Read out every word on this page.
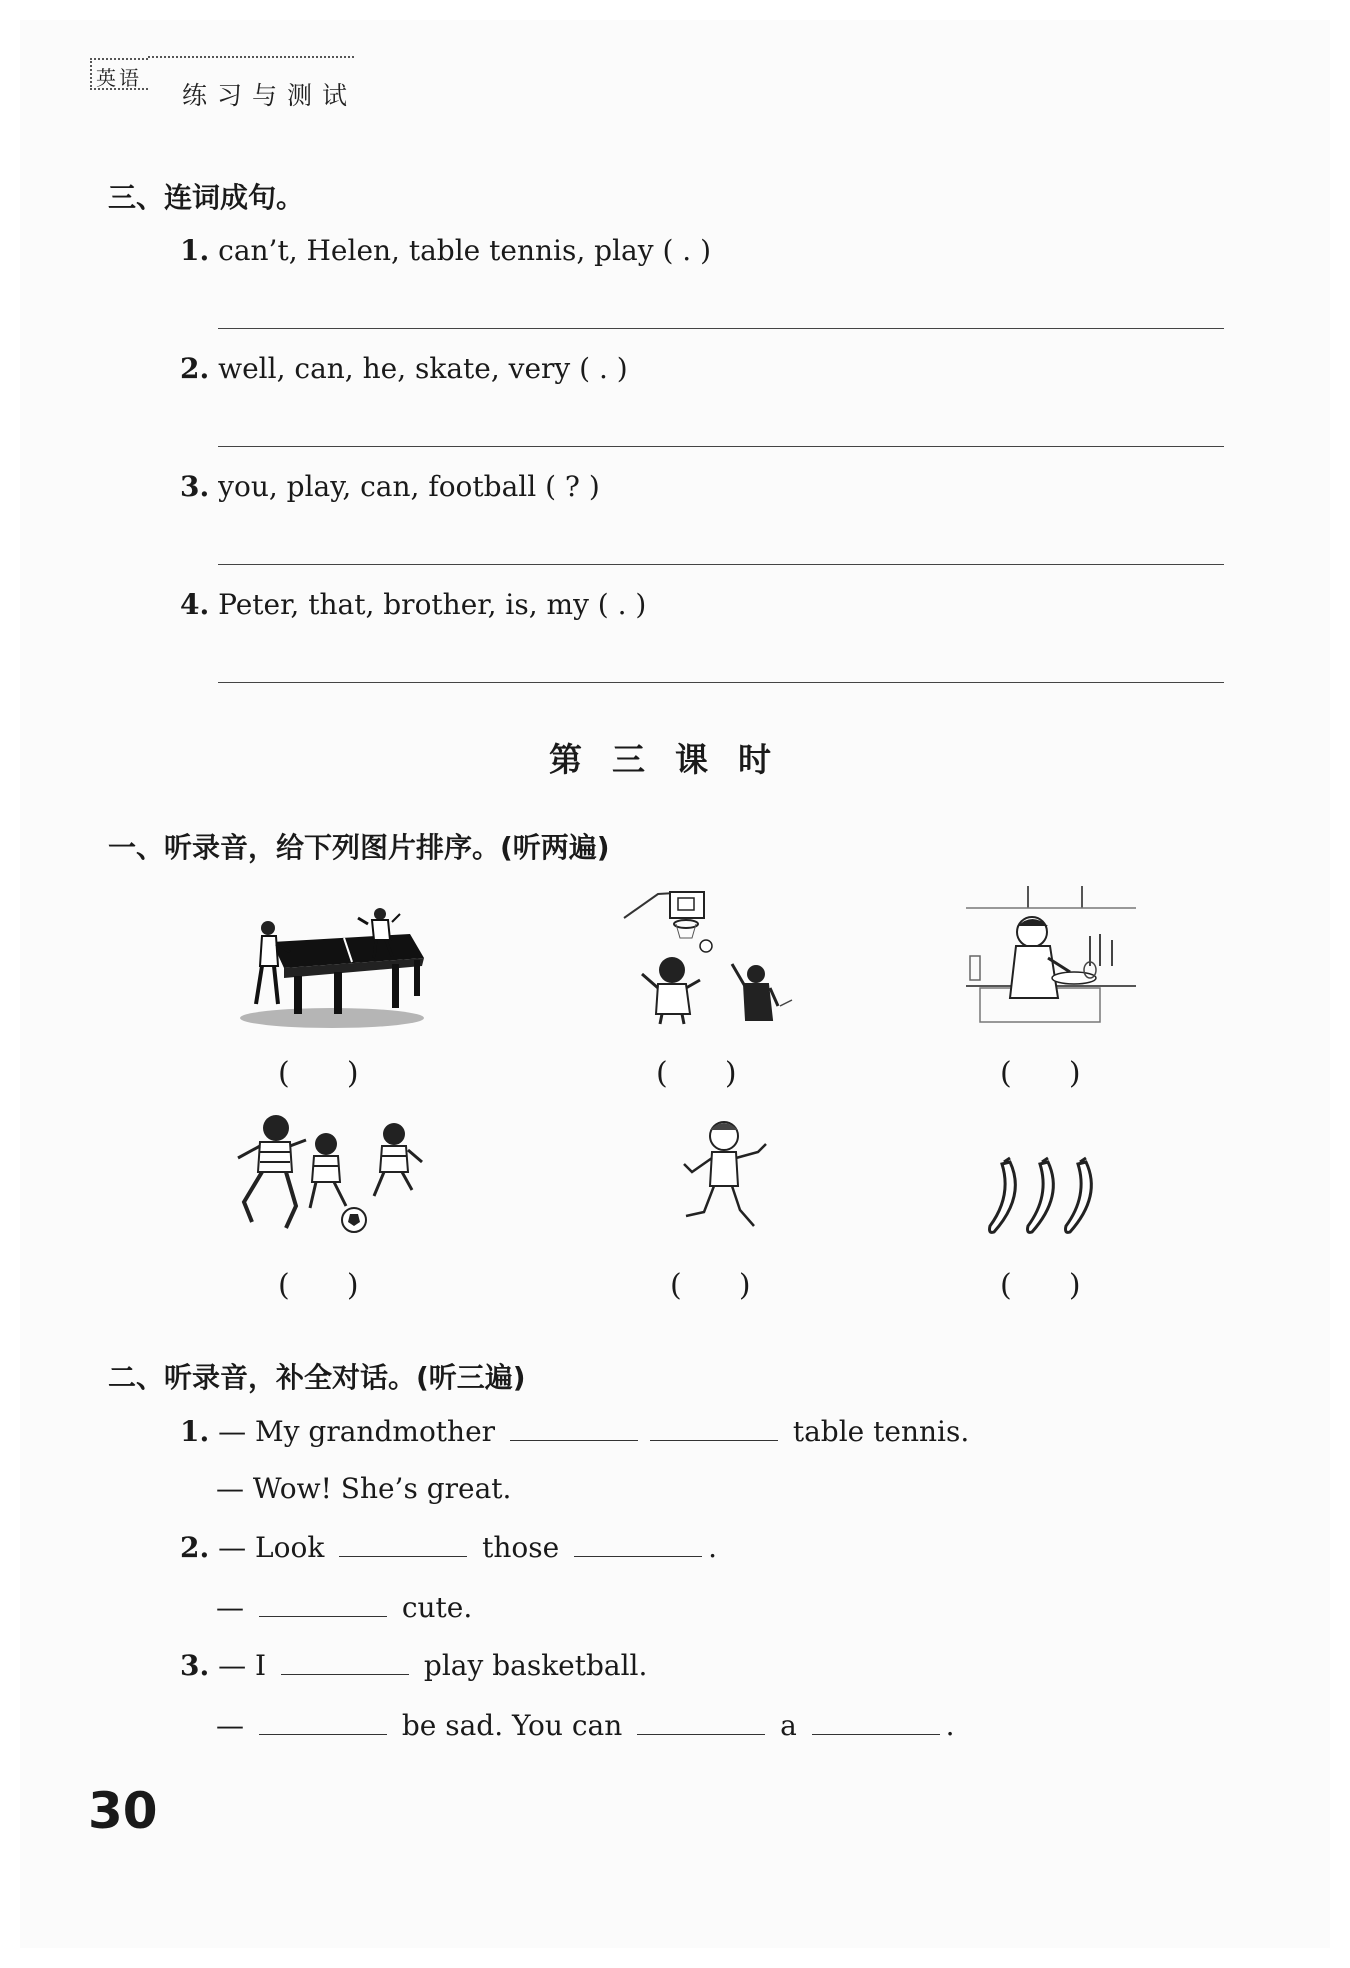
英语
练习与测试
三、连词成句。
1. can’t, Helen, table tennis, play ( . )
2. well, can, he, skate, very ( . )
3. you, play, can, football ( ? )
4. Peter, that, brother, is, my ( . )
第三课时
一、听录音，给下列图片排序。(听两遍)
(      )	(      )	(      )
(      )	(      )	(      )
二、听录音，补全对话。(听三遍)
1. — My grandmother	table tennis.
— Wow! She’s great.
2. — Look	those	.
—	cute.
3. — I	play basketball.
—	be sad. You can	a	.
30
